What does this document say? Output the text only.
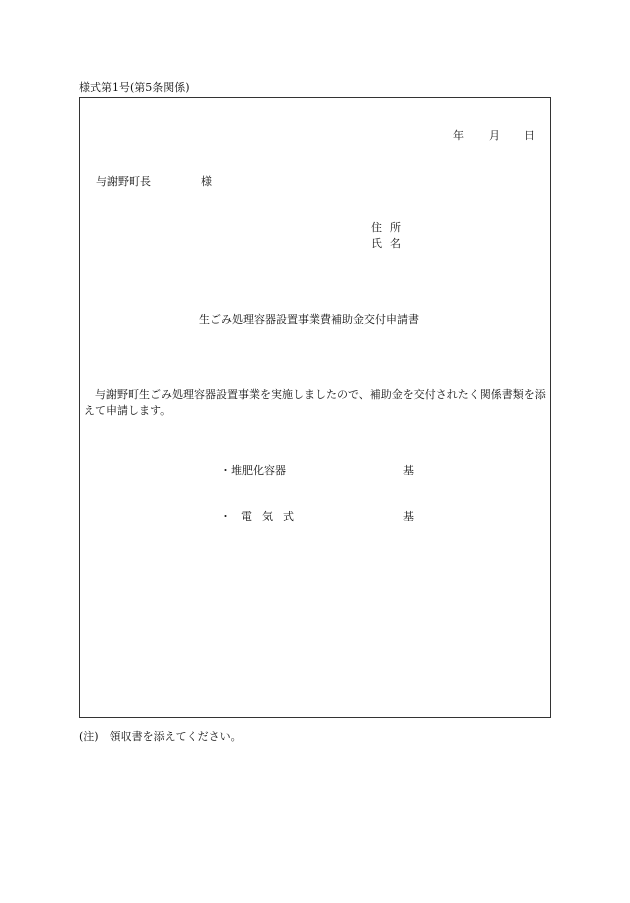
様式第1号(第5条関係)
年 月 日
与謝野町長	様
住所
氏名
生ごみ処理容器設置事業費補助金交付申請書
与謝野町生ごみ処理容器設置事業を実施しましたので、補助金を交付されたく関係書類を添えて申請します。
・堆肥化容器	基
・電気式	基
(注)　領収書を添えてください。
